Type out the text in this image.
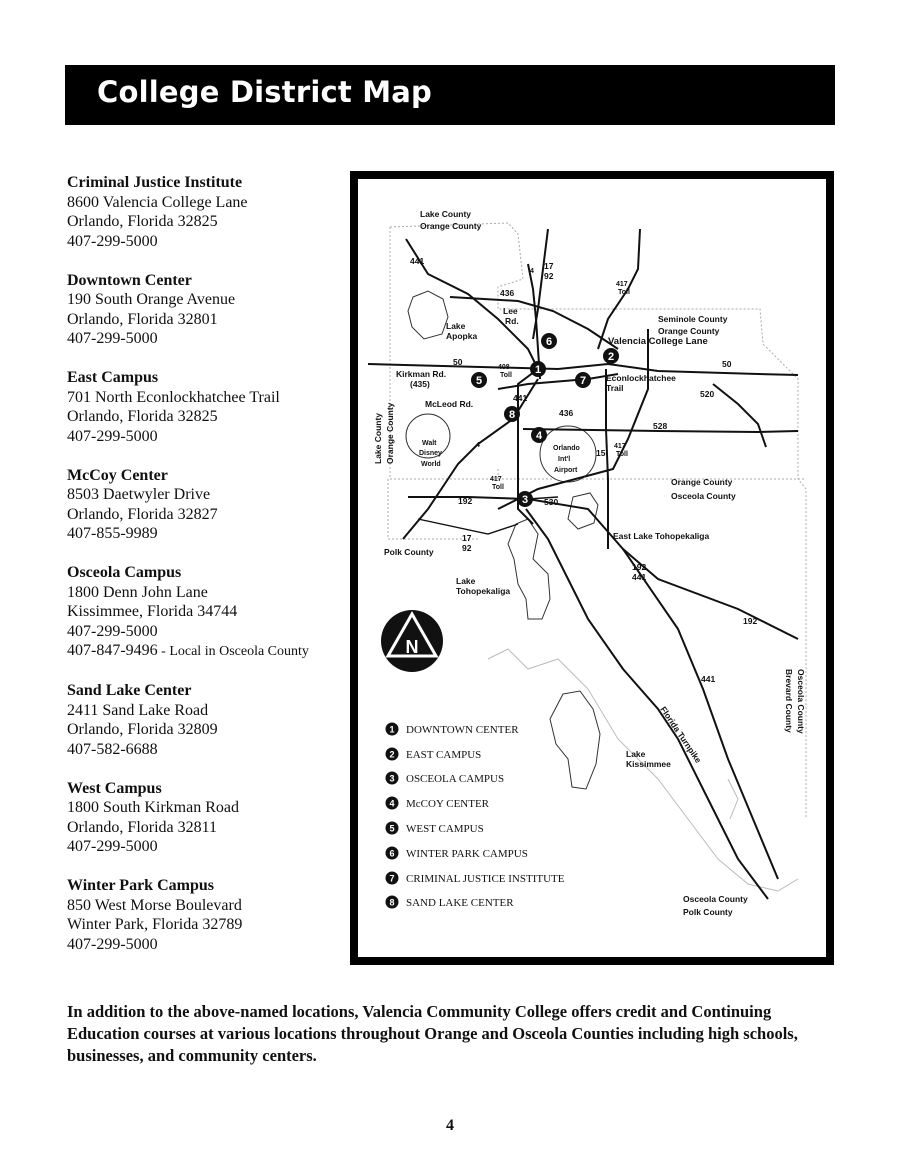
College District Map
Criminal Justice Institute
8600 Valencia College Lane
Orlando, Florida 32825
407-299-5000
Downtown Center
190 South Orange Avenue
Orlando, Florida 32801
407-299-5000
East Campus
701 North Econlockhatchee Trail
Orlando, Florida 32825
407-299-5000
McCoy Center
8503 Daetwyler Drive
Orlando, Florida 32827
407-855-9989
Osceola Campus
1800 Denn John Lane
Kissimmee, Florida 34744
407-299-5000
407-847-9496 - Local in Osceola County
Sand Lake Center
2411 Sand Lake Road
Orlando, Florida 32809
407-582-6688
West Campus
1800 South Kirkman Road
Orlando, Florida 32811
407-299-5000
Winter Park Campus
850 West Morse Boulevard
Winter Park, Florida 32789
407-299-5000
Lake County
Orange County
441
4
17
92
436
417
Toll
Seminole County
Orange County
Lake
Apopka
Lee
Rd.
Valencia College Lane
50	50
Kirkman Rd.
(435)
408
Toll	Econlockhatchee
Trail
520
McLeod Rd.
441
436
528
4
Walt
Disney
World
Orlando
Int'l
Airport
15
417
Toll
417
Toll
Orange County
Osceola County
192	530
East Lake Tohopekaliga
17
92
Polk County
192
441
Lake
Tohopekaliga
192
441
Lake
Kissimmee
Florida Turnpike
Lake County Orange County
Brevard County Osceola County
Osceola County
Polk County
1
2
3
4
5
6
7
8
N
1 DOWNTOWN CENTER
2 EAST CAMPUS
3 OSCEOLA CAMPUS
4 McCOY CENTER
5 WEST CAMPUS
6 WINTER PARK CAMPUS
7 CRIMINAL JUSTICE INSTITUTE
8 SAND LAKE CENTER
In addition to the above-named locations, Valencia Community College offers credit and Continuing Education courses at various locations throughout Orange and Osceola Counties including high schools, businesses, and community centers.
4
